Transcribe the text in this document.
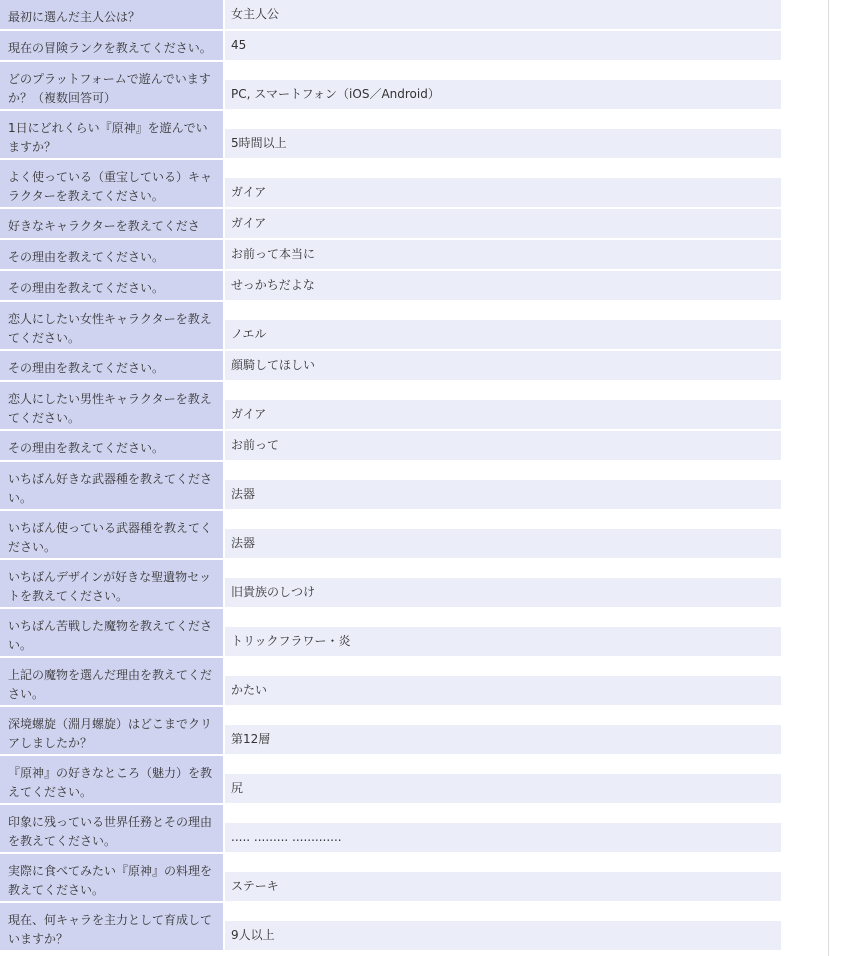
最初に選んだ主人公は？	女主人公
現在の冒険ランクを教えてください。	45
どのプラットフォームで遊んでいますか？（複数回答可）	PC, スマートフォン（iOS／Android）
1日にどれくらい『原神』を遊んでいますか？	5時間以上
よく使っている（重宝している）キャラクターを教えてください。	ガイア
好きなキャラクターを教えてくださ	ガイア
その理由を教えてください。	お前って本当に
その理由を教えてください。	せっかちだよな
恋人にしたい女性キャラクターを教えてください。	ノエル
その理由を教えてください。	顔騎してほしい
恋人にしたい男性キャラクターを教えてください。	ガイア
その理由を教えてください。	お前って
いちばん好きな武器種を教えてください。	法器
いちばん使っている武器種を教えてください。	法器
いちばんデザインが好きな聖遺物セットを教えてください。	旧貴族のしつけ
いちばん苦戦した魔物を教えてください。	トリックフラワー・炎
上記の魔物を選んだ理由を教えてください。	かたい
深境螺旋（淵月螺旋）はどこまでクリアしましたか？	第12層
『原神』の好きなところ（魅力）を教えてください。	尻
印象に残っている世界任務とその理由を教えてください。	..... ......... .............
実際に食べてみたい『原神』の料理を教えてください。	ステーキ
現在、何キャラを主力として育成していますか？	9人以上
